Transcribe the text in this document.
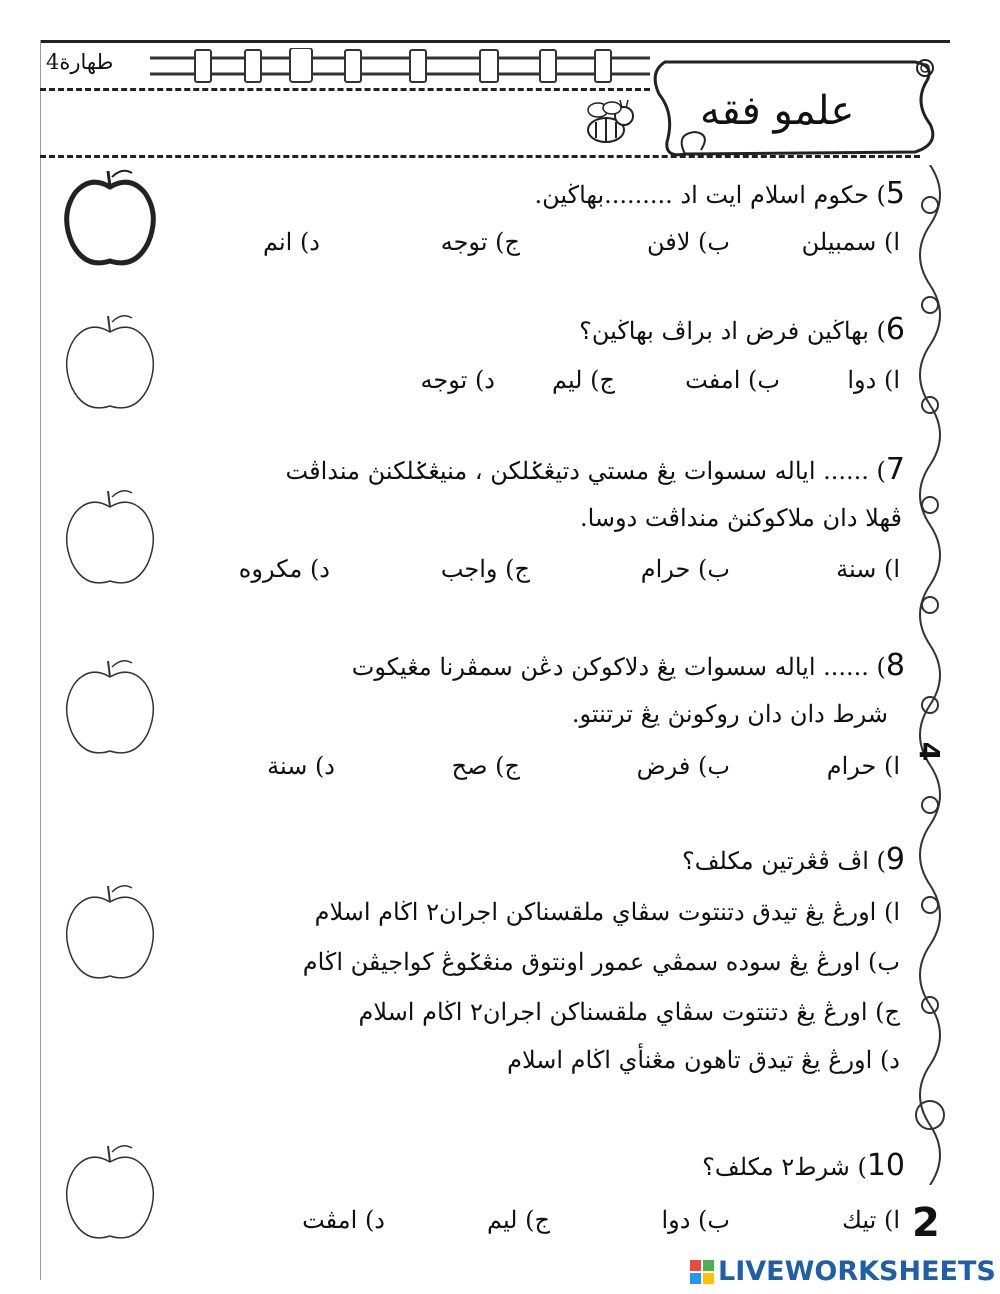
طهارة4
علمو فقه
4
5) حكوم اسلام ايت اد .........بهاڬين.
ا) سمبيلن
ب) لافن
ج) توجه
د) انم
6) بهاڬين فرض اد براڤ بهاڬين؟
ا) دوا
ب) امفت
ج) ليم
د) توجه
7) ...... اياله سسوات يڠ مستي دتيڠݢلكن ، منيڠݢلكنڽ منداڤت
ڤهلا دان ملاكوكنڽ منداڤت دوسا.
ا) سنة
ب) حرام
ج) واجب
د) مكروه
8) ...... اياله سسوات يڠ دلاكوكن دڠن سمڤرنا مڠيكوت
شرط دان دان روكونڽ يڠ ترتنتو.
ا) حرام
ب) فرض
ج) صح
د) سنة
9) اڤ ڤڠرتين مكلف؟
ا) اورڠ يڠ تيدق دتنتوت سڤاي ملقسناكن اجران٢ اڬام اسلام
ب) اورڠ يڠ سوده سمڤي عمور اونتوق منڠݢوڠ كواجيڤن اڬام
ج) اورڠ يڠ دتنتوت سڤاي ملقسناكن اجران٢ اڬام اسلام
د) اورڠ يڠ تيدق تاهون مڠنأي اڬام اسلام
10) شرط٢ مكلف؟
ا) تيك
ب) دوا
ج) ليم
د) امڤت	2
LIVEWORKSHEETS
